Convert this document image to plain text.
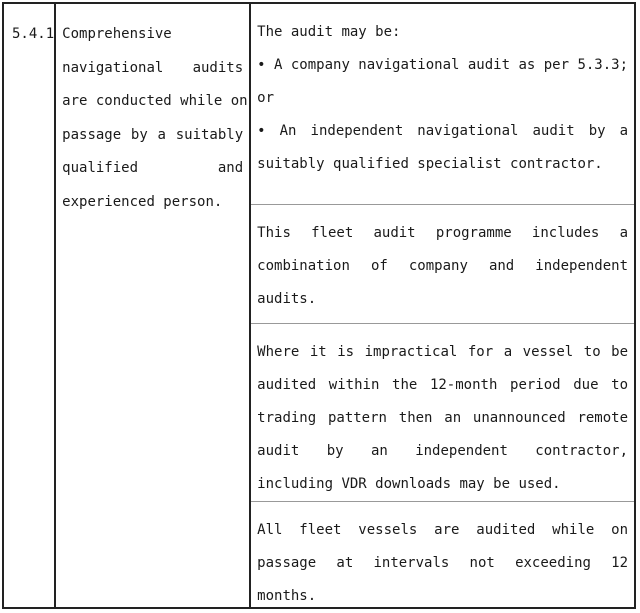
5.4.1 Comprehensive
navigational audits
are conducted while on
passage by a suitably
qualified and
experienced person.
The audit may be:
• A company navigational audit as per 5.3.3;
or
• An independent navigational audit by a
suitably qualified specialist contractor.
This fleet audit programme includes a
combination of company and independent
audits.
Where it is impractical for a vessel to be
audited within the 12-month period due to
trading pattern then an unannounced remote
audit by an independent contractor,
including VDR downloads may be used.
All fleet vessels are audited while on
passage at intervals not exceeding 12
months.
